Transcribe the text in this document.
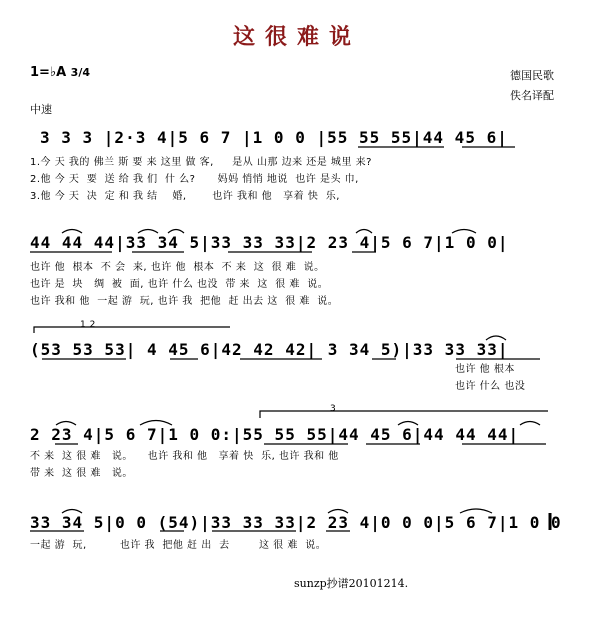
这很难说
1=♭A 3/4	德国民歌
佚名译配
中速
3 3 3 |2·3 4|5 6 7 |1 0 0 |55 55 55|44 45 6|
1.今 天 我的 佛兰 斯 要 来 这里 做 客,     是从 山那 边来 还是 城里 来?
2.他 今 天  要  送 给 我 们  什 么?      妈妈 悄悄 地说  也许 是头 巾,
3.他 今 天  决  定 和 我 结    婚,       也许 我和 他   享着 快  乐,
44 44 44|33 34 5|33 33 33|2 23 4|5 6 7|1 0 0|
也许 他  根本  不 会  来, 也许 他  根本  不 来  这  很 难  说。
也许 是  块   绸  被  面, 也许 什么 也没  带 来  这  很 难  说。
也许 我和 他  一起 游  玩, 也许 我  把他  赶 出去 这  很 难  说。
1 2
(53 53 53| 4 45 6|42 42 42| 3 34 5)|33 33 33|
也许 他 根本
也许 什么 也没
3
2 23 4|5 6 7|1 0 0:|55 55 55|44 45 6|44 44 44|
不 来  这 很 难   说。    也许 我和 他   享着 快  乐, 也许 我和 他
带 来  这 很 难   说。
33 34 5|0 0 (54)|33 33 33|2 23 4|0 0 0|5 6 7|1 0 0
一起 游  玩,         也许 我  把他 赶 出  去        这 很 难  说。
sunzp抄谱20101214.
